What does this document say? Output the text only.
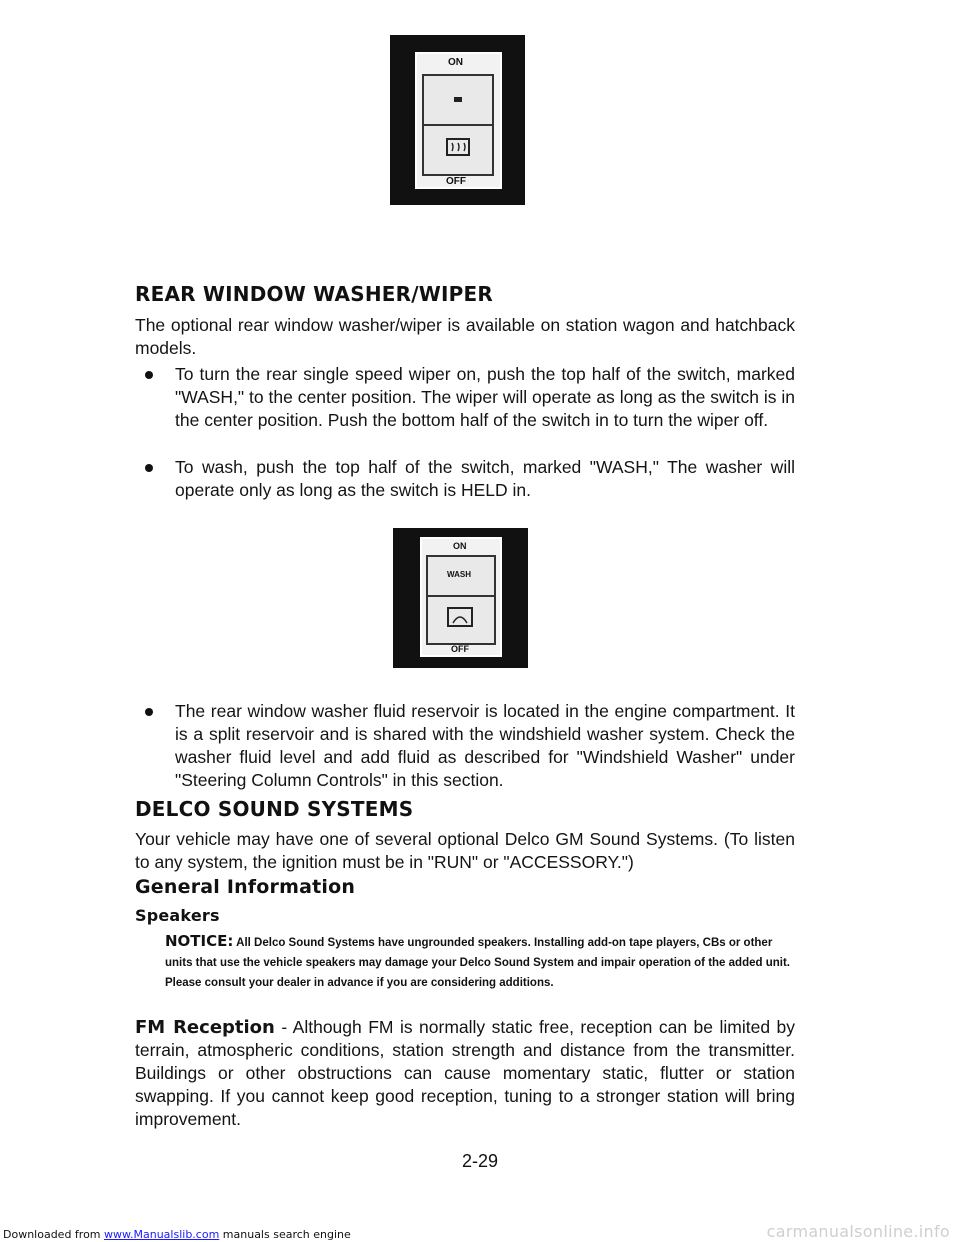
ON
OFF
REAR WINDOW WASHER/WIPER

The optional rear window washer/wiper is available on station wagon and hatchback models.

To turn the rear single speed wiper on, push the top half of the switch, marked "WASH," to the center position. The wiper will operate as long as the switch is in the center position. Push the bottom half of the switch in to turn the wiper off.

To wash, push the top half of the switch, marked "WASH," The washer will operate only as long as the switch is HELD in.

ON
WASH
OFF

The rear window washer fluid reservoir is located in the engine compartment. It is a split reservoir and is shared with the windshield washer system. Check the washer fluid level and add fluid as described for "Windshield Washer" under "Steering Column Controls" in this section.

DELCO SOUND SYSTEMS

Your vehicle may have one of several optional Delco GM Sound Systems. (To listen to any system, the ignition must be in "RUN" or "ACCESSORY.")

General Information
Speakers

NOTICE: All Delco Sound Systems have ungrounded speakers. Installing add-on tape players, CBs or other units that use the vehicle speakers may damage your Delco Sound System and impair operation of the added unit. Please consult your dealer in advance if you are considering additions.

FM Reception - Although FM is normally static free, reception can be limited by terrain, atmospheric conditions, station strength and distance from the transmitter. Buildings or other obstructions can cause momentary static, flutter or station swapping. If you cannot keep good reception, tuning to a stronger station will bring improvement.

2-29
Downloaded from www.Manualslib.com manuals search engine	carmanualsonline.info
